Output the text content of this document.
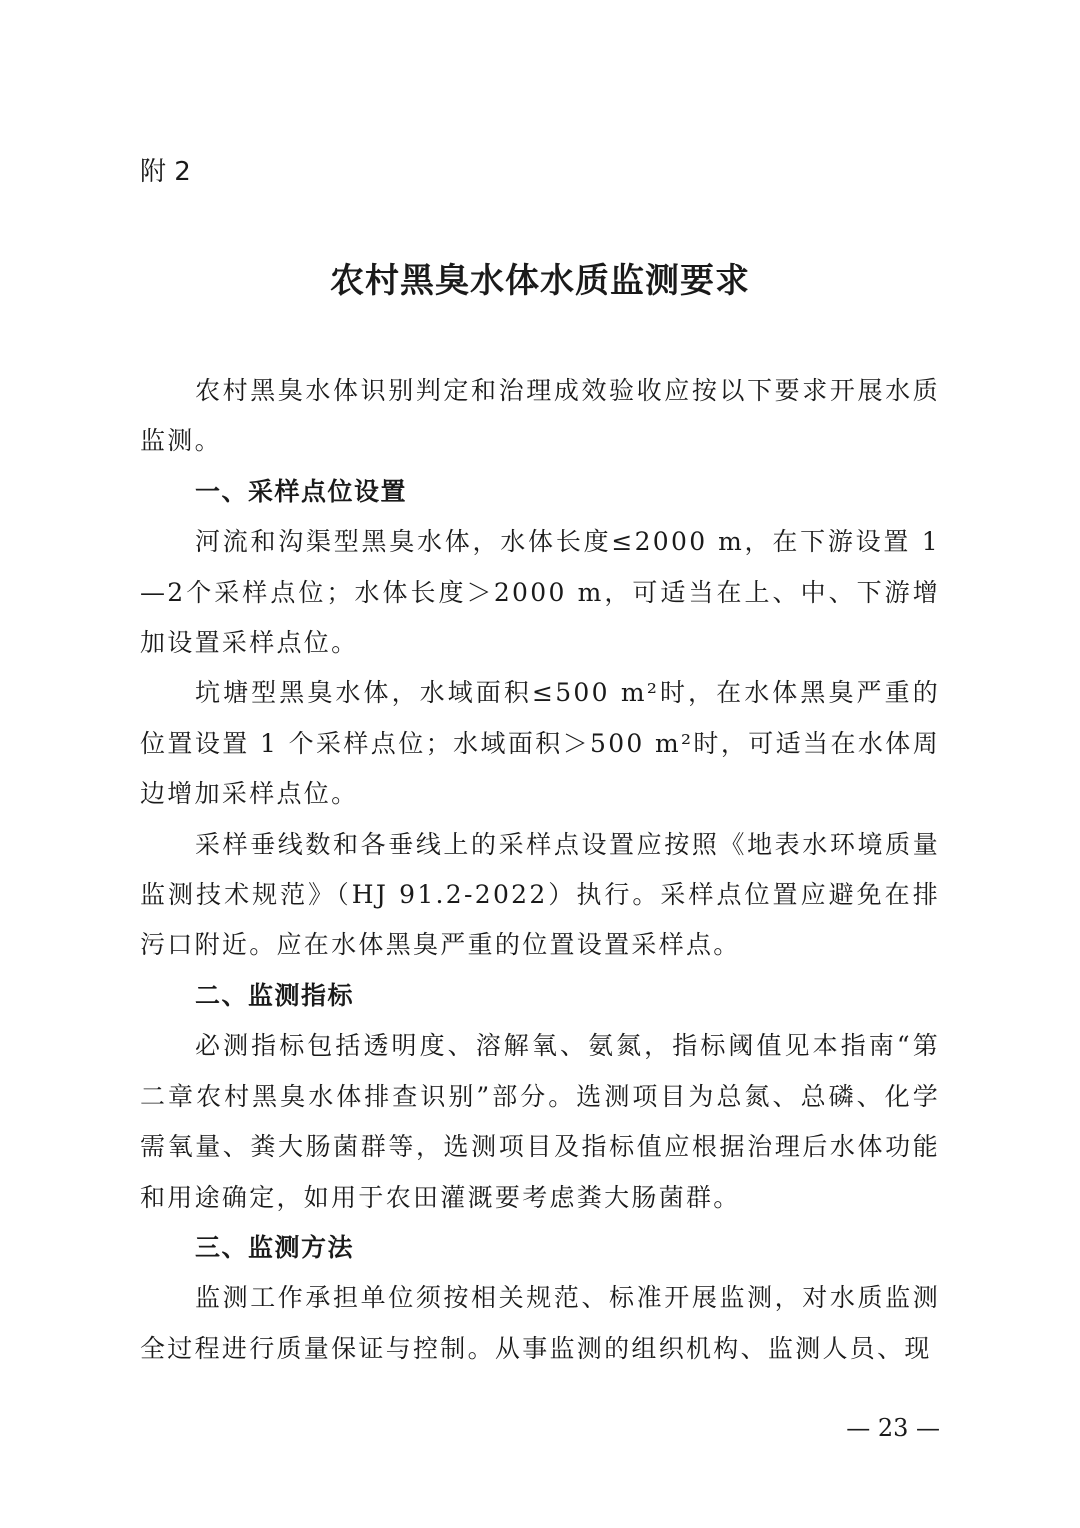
附 2

农村黑臭水体水质监测要求

农村黑臭水体识别判定和治理成效验收应按以下要求开展水质监测。

一、采样点位设置

河流和沟渠型黑臭水体，水体长度≤2000 m，在下游设置 1—2个采样点位；水体长度＞2000 m，可适当在上、中、下游增加设置采样点位。

坑塘型黑臭水体，水域面积≤500 m²时，在水体黑臭严重的位置设置 1 个采样点位；水域面积＞500 m²时，可适当在水体周边增加采样点位。

采样垂线数和各垂线上的采样点设置应按照《地表水环境质量监测技术规范》（HJ 91.2-2022）执行。采样点位置应避免在排污口附近。应在水体黑臭严重的位置设置采样点。

二、监测指标

必测指标包括透明度、溶解氧、氨氮，指标阈值见本指南“第二章农村黑臭水体排查识别”部分。选测项目为总氮、总磷、化学需氧量、粪大肠菌群等，选测项目及指标值应根据治理后水体功能和用途确定，如用于农田灌溉要考虑粪大肠菌群。

三、监测方法

监测工作承担单位须按相关规范、标准开展监测，对水质监测全过程进行质量保证与控制。从事监测的组织机构、监测人员、现

— 23 —
